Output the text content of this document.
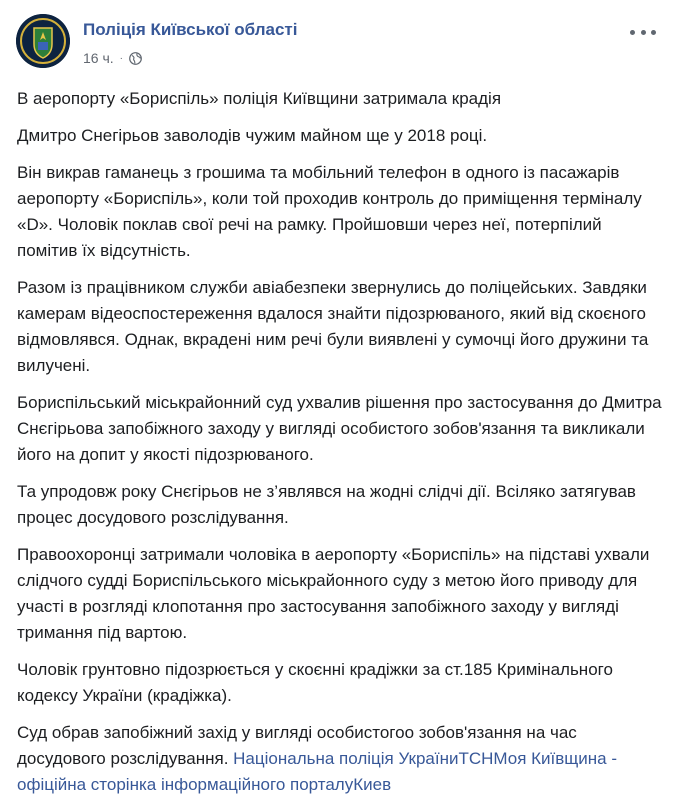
Поліція Київської області
16 ч. ·

В аеропорту «Бориспіль» поліція Київщини затримала крадія

Дмитро Снегірьов заволодів чужим майном ще у 2018 році.

Він викрав гаманець з грошима та мобільний телефон в одного із пасажарів аеропорту «Бориспіль», коли той проходив контроль до приміщення терміналу «D». Чоловік поклав свої речі на рамку. Пройшовши через неї, потерпілий помітив їх відсутність.

Разом із працівником служби авіабезпеки звернулись до поліцейських. Завдяки камерам відеоспостереження вдалося знайти підозрюваного, який від скоєного відмовлявся. Однак, вкрадені ним речі були виявлені у сумочці його дружини та вилучені.

Бориспільський міськрайонний суд ухвалив рішення про застосування до Дмитра Снєгірьова запобіжного заходу у вигляді особистого зобов'язання та викликали його на допит у якості підозрюваного.

Та упродовж року Снєгірьов не з’являвся на жодні слідчі дії. Всіляко затягував процес досудового розслідування.

Правоохоронці затримали чоловіка в аеропорту «Бориспіль» на підставі ухвали слідчого судді Бориспільського міськрайонного суду з метою його приводу для участі в розгляді клопотання про застосування запобіжного заходу у вигляді тримання під вартою.

Чоловік грунтовно підозрюється у скоєнні крадіжки за ст.185 Кримінального кодексу України (крадіжка).

Суд обрав запобіжний захід у вигляді особистогоо зобов'язання на час досудового розслідування. Національна поліція УкраїниТСНМоя Київщина - офіційна сторінка інформаційного порталуКиев
